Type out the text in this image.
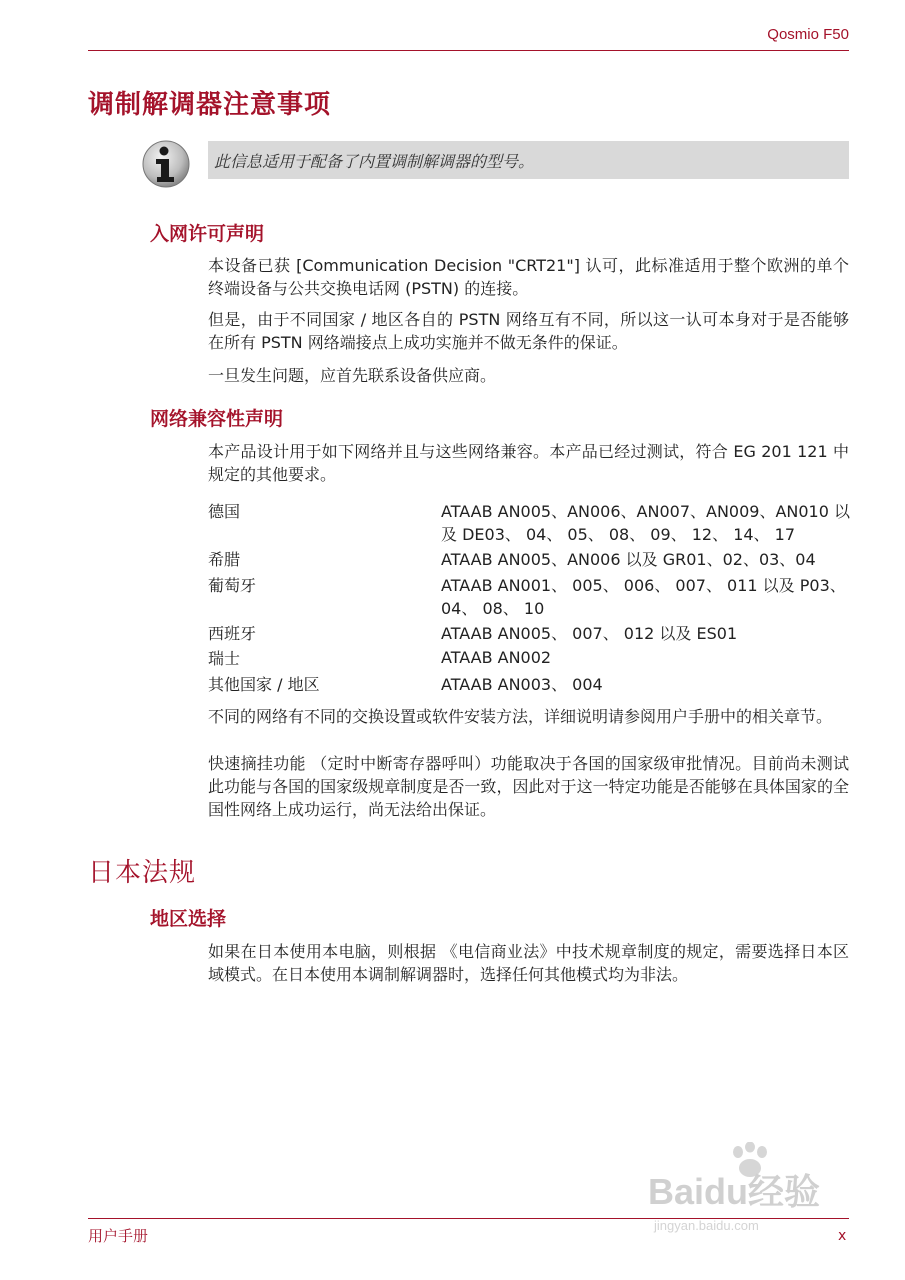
Qosmio F50
调制解调器注意事项
此信息适用于配备了内置调制解调器的型号。
入网许可声明
本设备已获 [Communication Decision "CRT21"] 认可，此标准适用于整个欧洲的单个终端设备与公共交换电话网 (PSTN) 的连接。
但是，由于不同国家 / 地区各自的 PSTN 网络互有不同，所以这一认可本身对于是否能够在所有 PSTN 网络端接点上成功实施并不做无条件的保证。
一旦发生问题，应首先联系设备供应商。
网络兼容性声明
本产品设计用于如下网络并且与这些网络兼容。本产品已经过测试，符合 EG 201 121 中规定的其他要求。
德国	ATAAB AN005、AN006、AN007、AN009、AN010 以及 DE03、 04、 05、 08、 09、 12、 14、 17
希腊	ATAAB AN005、AN006 以及 GR01、02、03、04
葡萄牙	ATAAB AN001、 005、 006、 007、 011 以及 P03、 04、 08、 10
西班牙	ATAAB AN005、 007、 012 以及 ES01
瑞士	ATAAB AN002
其他国家 / 地区	ATAAB AN003、 004
不同的网络有不同的交换设置或软件安装方法，详细说明请参阅用户手册中的相关章节。
快速摘挂功能 （定时中断寄存器呼叫）功能取决于各国的国家级审批情况。目前尚未测试此功能与各国的国家级规章制度是否一致，因此对于这一特定功能是否能够在具体国家的全国性网络上成功运行，尚无法给出保证。
日本法规
地区选择
如果在日本使用本电脑，则根据 《电信商业法》中技术规章制度的规定，需要选择日本区域模式。在日本使用本调制解调器时，选择任何其他模式均为非法。
Baidu经验
jingyan.baidu.com
用户手册	x
